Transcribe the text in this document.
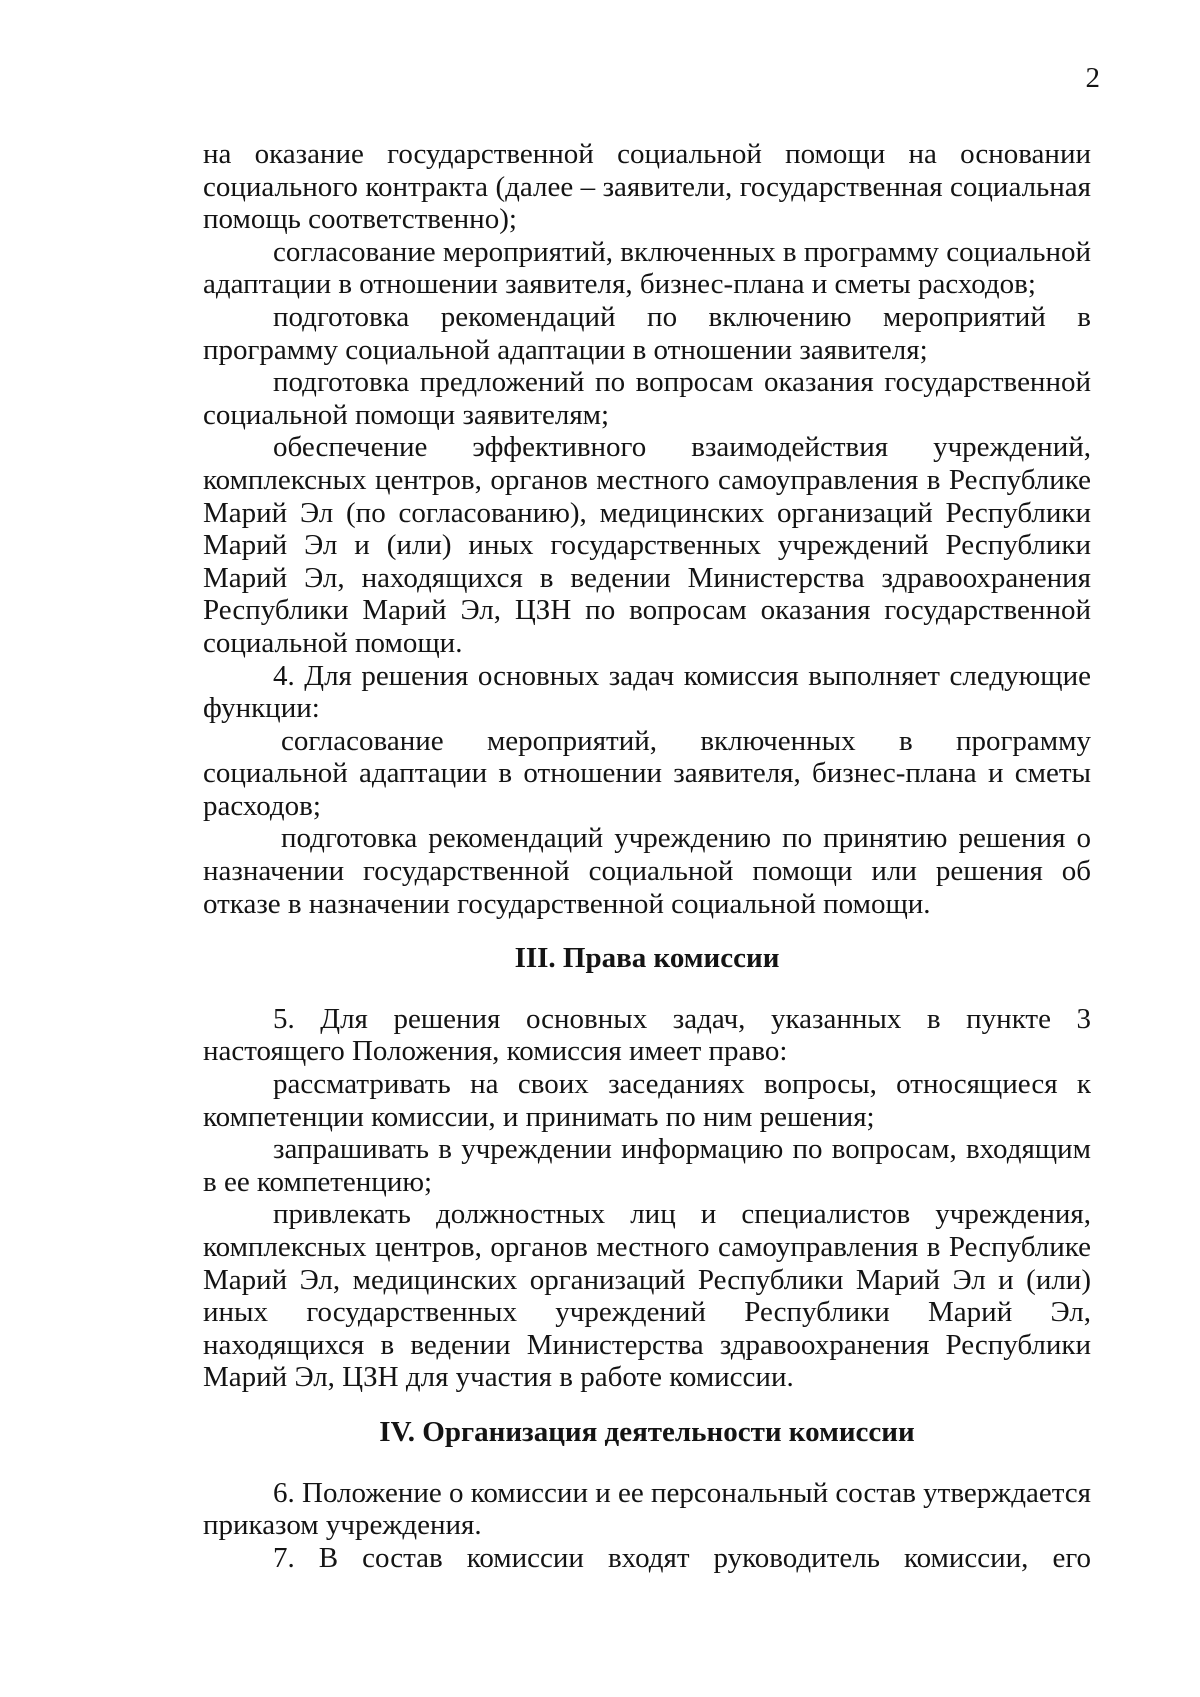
2

на оказание государственной социальной помощи на основании социального контракта (далее – заявители, государственная социальная помощь соответственно);

согласование мероприятий, включенных в программу социальной адаптации в отношении заявителя, бизнес-плана и сметы расходов;

подготовка рекомендаций по включению мероприятий в программу социальной адаптации в отношении заявителя;

подготовка предложений по вопросам оказания государственной социальной помощи заявителям;

обеспечение эффективного взаимодействия учреждений, комплексных центров, органов местного самоуправления в Республике Марий Эл (по согласованию), медицинских организаций Республики Марий Эл и (или) иных государственных учреждений Республики Марий Эл, находящихся в ведении Министерства здравоохранения Республики Марий Эл, ЦЗН по вопросам оказания государственной социальной помощи.

4. Для решения основных задач комиссия выполняет следующие функции:

согласование мероприятий, включенных в программу социальной адаптации в отношении заявителя, бизнес-плана и сметы расходов;

подготовка рекомендаций учреждению по принятию решения о назначении государственной социальной помощи или решения об отказе в назначении государственной социальной помощи.

III. Права комиссии

5. Для решения основных задач, указанных в пункте 3 настоящего Положения, комиссия имеет право:

рассматривать на своих заседаниях вопросы, относящиеся к компетенции комиссии, и принимать по ним решения;

запрашивать в учреждении информацию по вопросам, входящим в ее компетенцию;

привлекать должностных лиц и специалистов учреждения, комплексных центров, органов местного самоуправления в Республике Марий Эл, медицинских организаций Республики Марий Эл и (или) иных государственных учреждений Республики Марий Эл, находящихся в ведении Министерства здравоохранения Республики Марий Эл, ЦЗН для участия в работе комиссии.

IV. Организация деятельности комиссии

6. Положение о комиссии и ее персональный состав утверждается приказом учреждения.

7. В состав комиссии входят руководитель комиссии, его
